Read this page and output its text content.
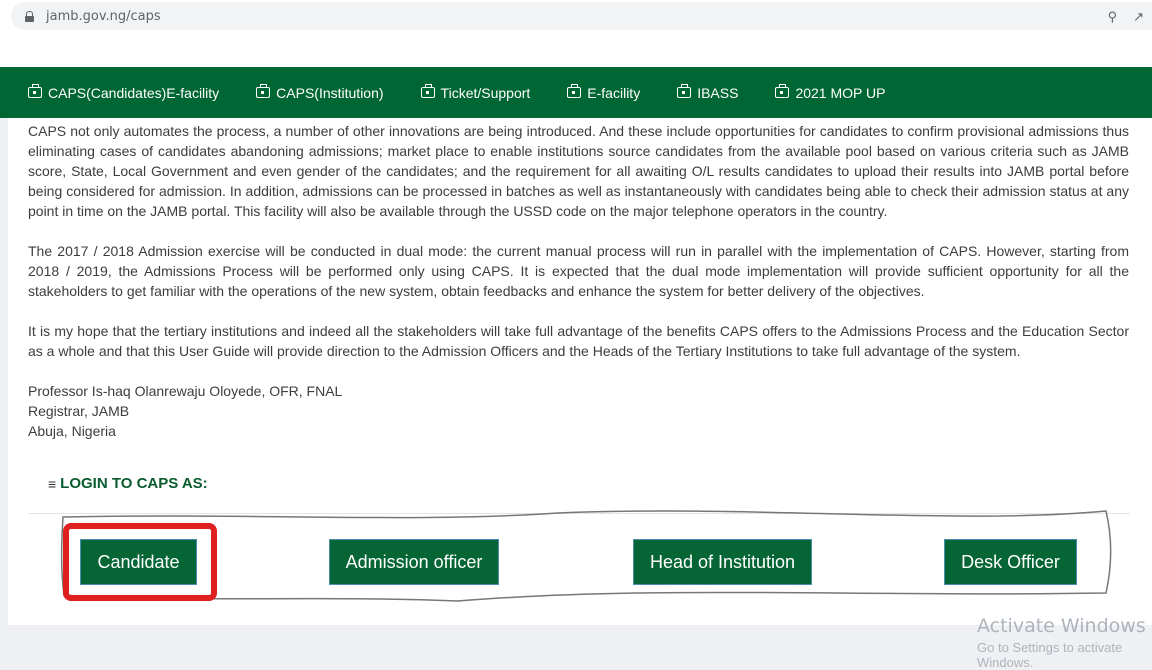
jamb.gov.ng/caps	⚲ ↗
CAPS(Candidates)E-facility	CAPS(Institution)	Ticket/Support	E-facility	IBASS	2021 MOP UP

CAPS not only automates the process, a number of other innovations are being introduced. And these include opportunities for candidates to confirm provisional admissions thus eliminating cases of candidates abandoning admissions; market place to enable institutions source candidates from the available pool based on various criteria such as JAMB score, State, Local Government and even gender of the candidates; and the requirement for all awaiting O/L results candidates to upload their results into JAMB portal before being considered for admission. In addition, admissions can be processed in batches as well as instantaneously with candidates being able to check their admission status at any point in time on the JAMB portal. This facility will also be available through the USSD code on the major telephone operators in the country.

The 2017 / 2018 Admission exercise will be conducted in dual mode: the current manual process will run in parallel with the implementation of CAPS. However, starting from 2018 / 2019, the Admissions Process will be performed only using CAPS. It is expected that the dual mode implementation will provide sufficient opportunity for all the stakeholders to get familiar with the operations of the new system, obtain feedbacks and enhance the system for better delivery of the objectives.

It is my hope that the tertiary institutions and indeed all the stakeholders will take full advantage of the benefits CAPS offers to the Admissions Process and the Education Sector as a whole and that this User Guide will provide direction to the Admission Officers and the Heads of the Tertiary Institutions to take full advantage of the system.

Professor Is-haq Olanrewaju Oloyede, OFR, FNAL
Registrar, JAMB
Abuja, Nigeria

≡ LOGIN TO CAPS AS:
Candidate	Admission officer	Head of Institution	Desk Officer
Activate Windows
Go to Settings to activate Windows.
